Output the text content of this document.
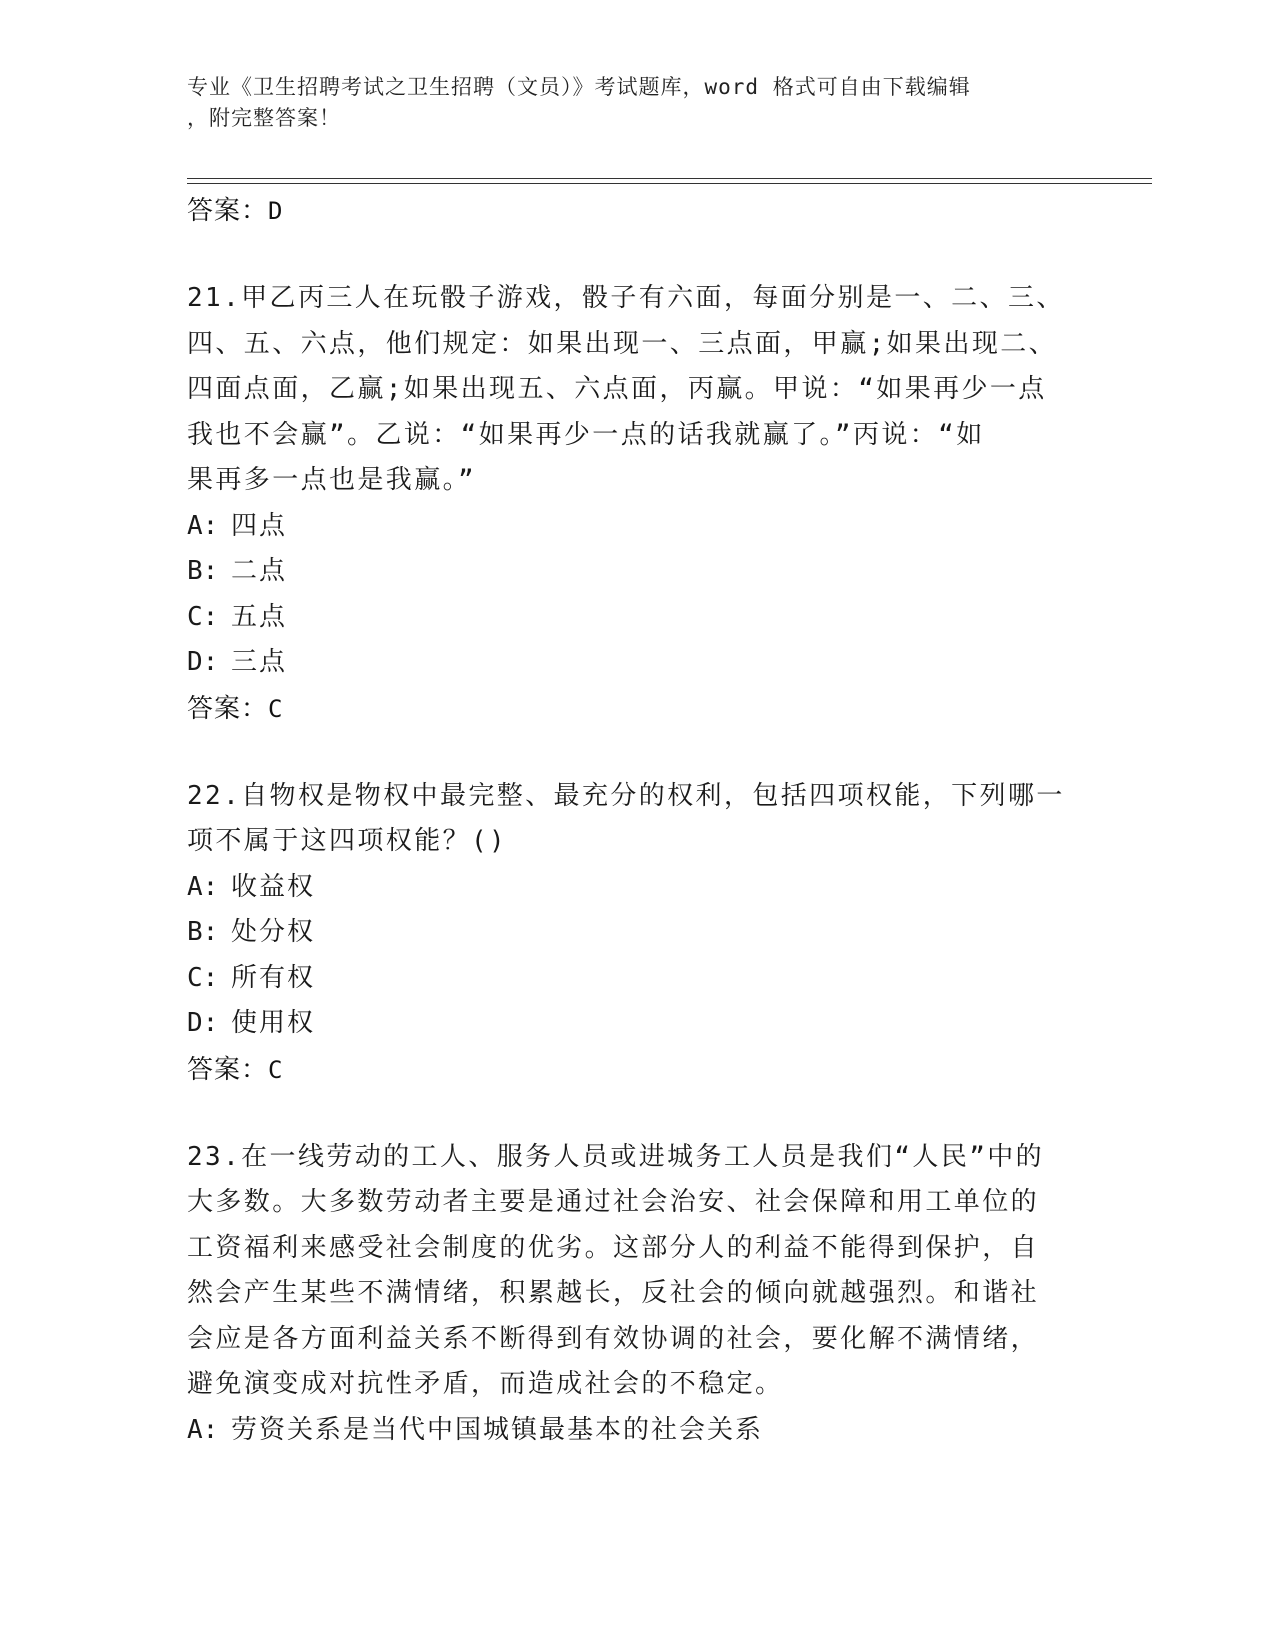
专业《卫生招聘考试之卫生招聘（文员）》考试题库，word 格式可自由下载编辑
，附完整答案！
答案：D
21.甲乙丙三人在玩骰子游戏，骰子有六面，每面分别是一、二、三、
四、五、六点，他们规定：如果出现一、三点面，甲赢;如果出现二、
四面点面，乙赢;如果出现五、六点面，丙赢。甲说：“如果再少一点
我也不会赢”。乙说：“如果再少一点的话我就赢了。”丙说：“如
果再多一点也是我赢。”
A: 四点
B: 二点
C: 五点
D: 三点
答案：C
22.自物权是物权中最完整、最充分的权利，包括四项权能，下列哪一
项不属于这四项权能？()
A: 收益权
B: 处分权
C: 所有权
D: 使用权
答案：C
23.在一线劳动的工人、服务人员或进城务工人员是我们“人民”中的
大多数。大多数劳动者主要是通过社会治安、社会保障和用工单位的
工资福利来感受社会制度的优劣。这部分人的利益不能得到保护，自
然会产生某些不满情绪，积累越长，反社会的倾向就越强烈。和谐社
会应是各方面利益关系不断得到有效协调的社会，要化解不满情绪，
避免演变成对抗性矛盾，而造成社会的不稳定。
A: 劳资关系是当代中国城镇最基本的社会关系
